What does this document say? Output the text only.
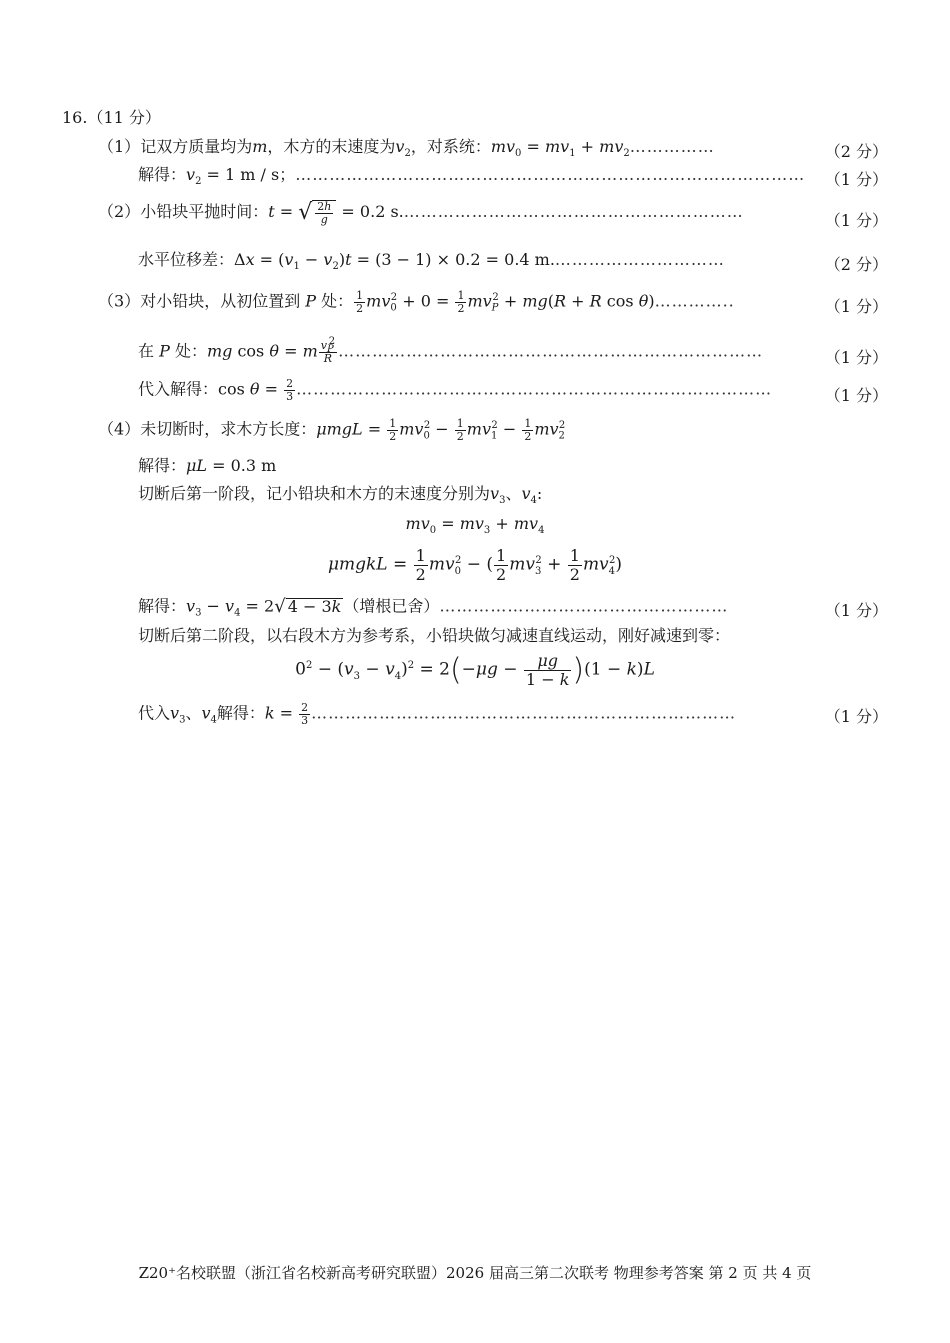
16.（11 分）
（1）记双方质量均为m，木方的末速度为$v_2$，对系统：$mv_0 = mv_1$ + $mv_2\dots\dots\dots\dots\dots$	（2 分）
解得：$v_2 = 1$ m / s；……………………………………………………………………………… （1 分）
（2）小铅块平抛时间：t = √ $\frac{2h}{g} = 0.2$ s.……………………………………………………	（1 分）
水平位移差：$\Delta x = (v_1 - v_2)t = (3 - 1) \times 0.2 = 0.4$ m.…………………………	（2 分）
（3）对小铅块，从初位置到 P 处： $\frac{1}{2} mv_0^2 + 0 = \frac{1}{2} mv_P^2 + mg(R + R$ cos θ)…………..	（1 分）
在 P 处：mg cos θ = m $\frac{v_P^2}{R}$ …………………………………………………………………	（1 分）
代入解得：$\cos \theta = \frac{2}{3}$ …………………………………………………………………………	（1 分）
（4）未切断时，求木方长度：$\mu mgL = \frac{1}{2} mv_0^2 - \frac{1}{2} mv_1^2 - \frac{1}{2} mv_2^2$
解得：μL = 0.3 m
切断后第一阶段，记小铅块和木方的末速度分别为$v_3$、$v_4$:
$mv_0 = mv_3 + mv_4$
μmgkL = $\frac{1}{2} mv_0^2$ − ( $\frac{1}{2} mv_3^2 + \frac{1}{2} mv_4^2$)
解得：$v_3 - v_4 = 2√$ 4 − 3k （增根已舍）……………………………………………	（1 分）
切断后第二阶段，以右段木方为参考系，小铅块做匀减速直线运动，刚好减速到零：
$0^2 - (v_3 - v_4)^2 = 2(-\mu g - \frac{\mu g}{1 - k} )(1 - k)L$
代入$v_3$、$v_4$解得：$k = \frac{2}{3}$ …………………………………………………………………	（1 分）
Z20⁺名校联盟（浙江省名校新高考研究联盟）2026 届高三第二次联考 物理参考答案 第 2 页 共 4 页
